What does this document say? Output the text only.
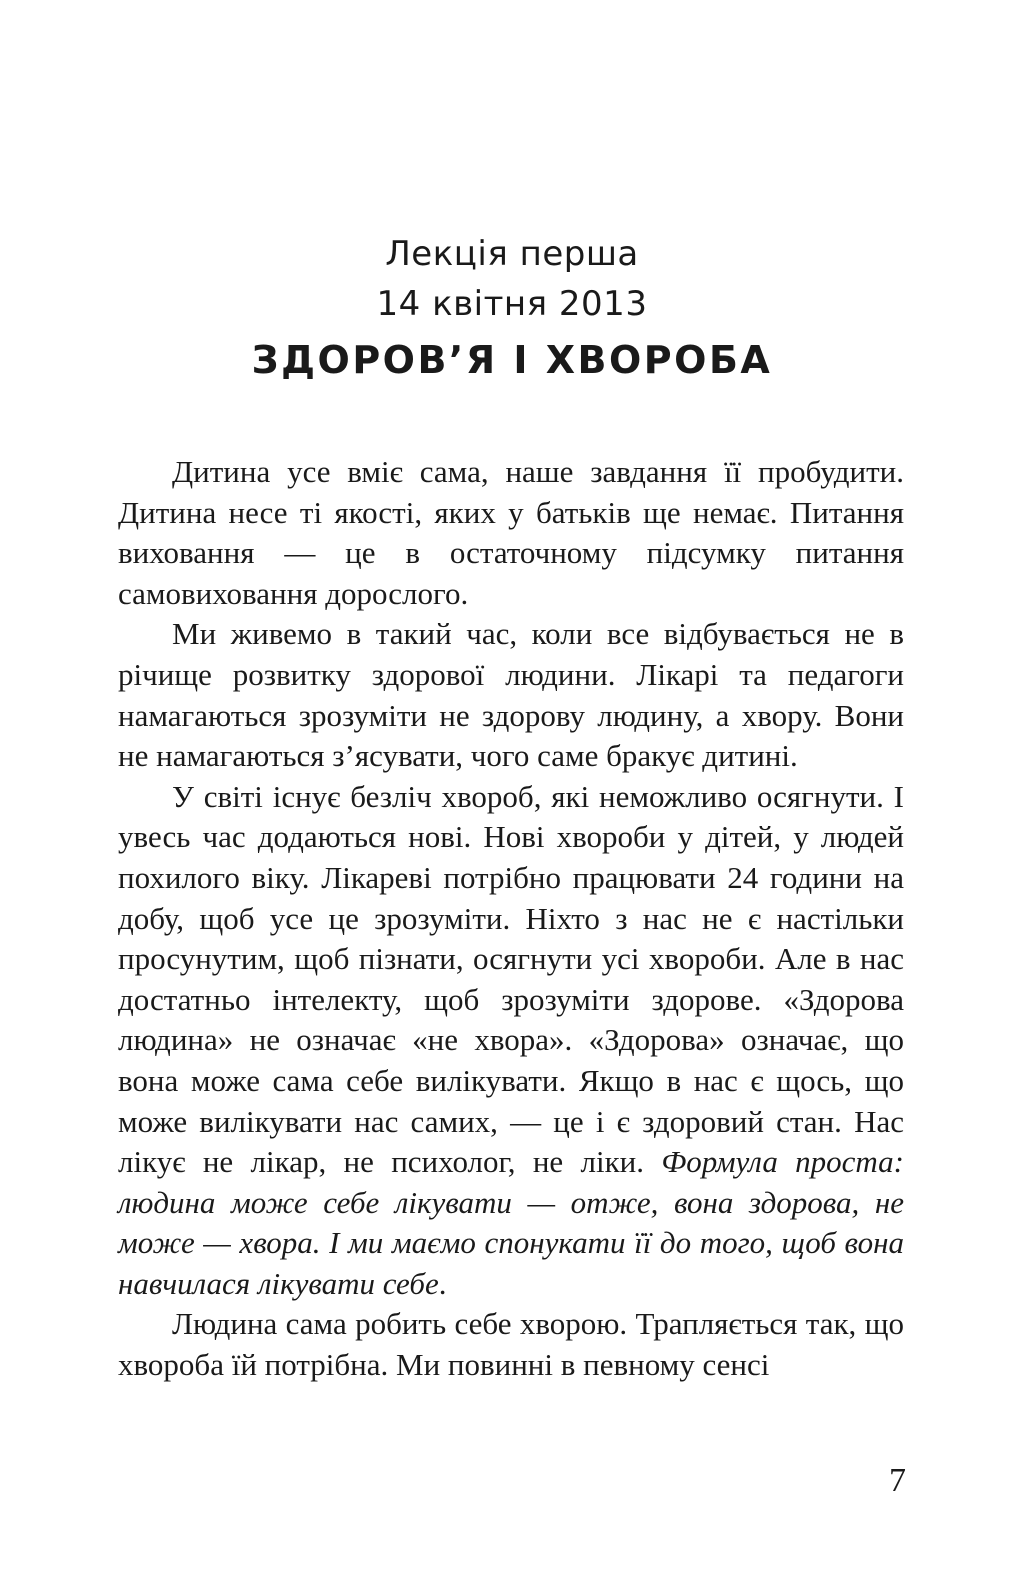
Лекція перша
14 квітня 2013
ЗДОРОВ’Я І ХВОРОБА

Дитина усе вміє сама, наше завдання її пробудити. Дитина несе ті якості, яких у батьків ще немає. Питання виховання — це в остаточному підсумку питання самовиховання дорослого.

Ми живемо в такий час, коли все відбувається не в річище розвитку здорової людини. Лікарі та педагоги намагаються зрозуміти не здорову людину, а хвору. Вони не намагаються з’ясувати, чого саме бракує дитині.

У світі існує безліч хвороб, які неможливо осягнути. І увесь час додаються нові. Нові хвороби у дітей, у людей похилого віку. Лікареві потрібно працювати 24 години на добу, щоб усе це зрозуміти. Ніхто з нас не є настільки просунутим, щоб пізнати, осягнути усі хвороби. Але в нас достатньо інтелекту, щоб зрозуміти здорове. «Здорова людина» не означає «не хвора». «Здорова» означає, що вона може сама себе вилікувати. Якщо в нас є щось, що може вилікувати нас самих, — це і є здоровий стан. Нас лікує не лікар, не психолог, не ліки. Формула проста: людина може себе лікувати — отже, вона здорова, не може — хвора. І ми маємо спонукати її до того, щоб вона навчилася лікувати себе.

Людина сама робить себе хворою. Трапляється так, що хвороба їй потрібна. Ми повинні в певному сенсі

7
